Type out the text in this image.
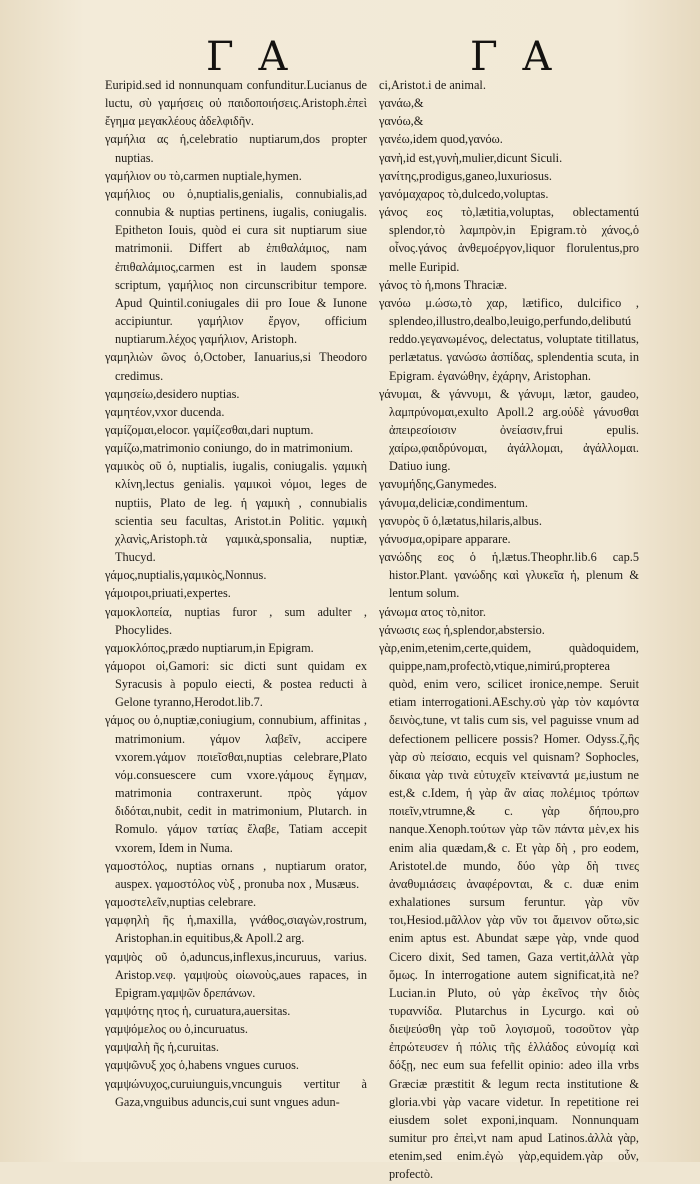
Γ Α	Γ Α

Euripid.sed id nonnunquam confunditur.Lucianus de luctu, σὺ γαμήσεις οὐ παιδοποιήσεις.Aristoph.ἐπεὶ ἔγημα μεγακλέους ἀδελφιδῆν.

γαμήλια ας ἡ,celebratio nuptiarum,dos propter nuptias.

γαμήλιον ου τὸ,carmen nuptiale,hymen.

γαμήλιος ου ὁ,nuptialis,genialis, connubialis,ad connubia & nuptias pertinens, iugalis, coniugalis. Epitheton Iouis, quòd ei cura sit nuptiarum siue matrimonii. Differt ab ἐπιθαλάμιος, nam ἐπιθαλάμιος,carmen est in laudem sponsæ scriptum, γαμήλιος non circunscribitur tempore. Apud Quintil.coniugales dii pro Ioue & Iunone accipiuntur. γαμήλιον ἔργον, officium nuptiarum.λέχος γαμήλιον, Aristoph.

γαμηλιὼν ῶνος ὁ,October, Ianuarius,si Theodoro credimus.

γαμησείω,desidero nuptias.

γαμητέον,vxor ducenda.

γαμίζομαι,elocor. γαμίζεσθαι,dari nuptum.

γαμίζω,matrimonio coniungo, do in matrimonium.

γαμικὸς οῦ ὁ, nuptialis, iugalis, coniugalis. γαμικὴ κλίνη,lectus genialis. γαμικοὶ νόμοι, leges de nuptiis, Plato de leg. ἡ γαμικὴ , connubialis scientia seu facultas, Aristot.in Politic. γαμικὴ χλανὶς,Aristoph.τὰ γαμικὰ,sponsalia, nuptiæ, Thucyd.

γάμος,nuptialis,γαμικὸς,Nonnus.

γάμοιροι,priuati,expertes.

γαμοκλοπεία, nuptias furor , sum adulter , Phocylides.

γαμοκλόπος,prædo nuptiarum,in Epigram.

γάμοροι οἱ,Gamori: sic dicti sunt quidam ex Syracusis à populo eiecti, & postea reducti à Gelone tyranno,Herodot.lib.7.

γάμος ου ὁ,nuptiæ,coniugium, connubium, affinitas , matrimonium. γάμον λαβεῖν, accipere vxorem.γάμον ποιεῖσθαι,nuptias celebrare,Plato νόμ.consuescere cum vxore.γάμους ἔγημαν, matrimonia contraxerunt. πρὸς γάμον διδόται,nubit, cedit in matrimonium, Plutarch. in Romulo. γάμον τατίας ἔλαβε, Tatiam accepit vxorem, Idem in Numa.

γαμοστόλος, nuptias ornans , nuptiarum orator, auspex. γαμοστόλος νὺξ , pronuba nox , Musæus.

γαμοστελεῖν,nuptias celebrare.

γαμφηλὴ ῆς ἡ,maxilla, γνάθος,σιαγὼν,rostrum, Aristophan.in equitibus,& Apoll.2 arg.

γαμψὸς οῦ ὁ,aduncus,inflexus,incuruus, varius. Aristop.νεφ. γαμψοὺς οἰωνοὺς,aues rapaces, in Epigram.γαμψῶν δρεπάνων.

γαμψότης ητος ἡ, curuatura,auersitas.

γαμψόμελος ου ὁ,incuruatus.

γαμψαλὴ ῆς ἡ,curuitas.

γαμψῶνυξ χος ὁ,habens vngues curuos.

γαμψώνυχος,curuiunguis,vncunguis vertitur à Gaza,vnguibus aduncis,cui sunt vngues adun-

ci,Aristot.i de animal.

γανάω,&

γανόω,&

γανέω,idem quod,γανόω.

γανὴ,id est,γυνὴ,mulier,dicunt Siculi.

γανίτης,prodigus,ganeo,luxuriosus.

γανόμαχαρος τὸ,dulcedo,voluptas.

γάνος εος τὸ,lætitia,voluptas, oblectamentú splendor,τὸ λαμπρὸν,in Epigram.τὸ χάνος,ὁ οἶνος.γάνος ἀνθεμοέργον,liquor florulentus,pro melle Euripid.

γάνος τὸ ἡ,mons Thraciæ.

γανόω μ.ώσω,τὸ χαρ, lætifico, dulcifico , splendeo,illustro,dealbo,leuigo,perfundo,delibutú reddo.γεγανωμένος, delectatus, voluptate titillatus, perlætatus. γανώσω ἀσπίδας, splendentia scuta, in Epigram. ἐγανώθην, ἐχάρην, Aristophan.

γάνυμαι, & γάννυμι, & γάνυμι, lætor, gaudeo, λαμπρύνομαι,exulto Apoll.2 arg.οὐδὲ γάνυσθαι ἀπειρεσίοισιν ὀνείασιν,frui epulis. χαίρω,φαιδρύνομαι, ἀγάλλομαι, ἀγάλλομαι. Datiuo iung.

γανυμήδης,Ganymedes.

γάνυμα,deliciæ,condimentum.

γανυρὸς ῦ ὁ,lætatus,hilaris,albus.

γάνυσμα,opipare apparare.

γανώδης εος ὁ ἡ,lætus.Theophr.lib.6 cap.5 histor.Plant. γανώδης καὶ γλυκεῖα ἡ, plenum & lentum solum.

γάνωμα ατος τὸ,nitor.

γάνωσις εως ἡ,splendor,abstersio.

γὰρ,enim,etenim,certe,quidem, quàdoquidem, quippe,nam,profectò,vtique,nimirú,propterea quòd, enim vero, scilicet ironice,nempe. Seruit etiam interrogationi.AEschy.σὺ γὰρ τὸν καμόντα δεινὸς,tune, vt talis cum sis, vel paguisse vnum ad defectionem pellicere possis? Homer. Odyss.ζ,ἢς γὰρ σὺ πείσαιο, ecquis vel quisnam? Sophocles, δίκαια γὰρ τινὰ εὐτυχεῖν κτείναντά με,iustum ne est,& c.Idem, ἡ γὰρ ἂν αἱας πολέμιος τρόπων ποιεῖν,vtrumne,& c. γὰρ δήπου,pro nanque.Xenoph.τούτων γὰρ τῶν πάντα μὲν,ex his enim alia quædam,& c. Et γὰρ δὴ , pro eodem, Aristotel.de mundo, δύο γὰρ δὴ τινες ἀναθυμιάσεις ἀναφέρονται, & c. duæ enim exhalationes sursum feruntur. γὰρ νῦν τοι,Hesiod.μᾶλλον γὰρ νῦν τοι ἄμεινον οὕτω,sic enim aptus est. Abundat sæpe γὰρ, vnde quod Cicero dixit, Sed tamen, Gaza vertit,ἀλλὰ γὰρ ὅμως. In interrogatione autem significat,ità ne?Lucian.in Pluto, οὐ γὰρ ἐκεῖνος τὴν διὸς τυραννίδα. Plutarchus in Lycurgo. καὶ οὐ διεψεύσθη γὰρ τοῦ λογισμοῦ, τοσοῦτον γὰρ ἐπρώτευσεν ἡ πόλις τῆς ἑλλάδος εὐνομίᾳ καὶ δόξῃ, nec eum sua fefellit opinio: adeo illa vrbs Græciæ præstitit & legum recta institutione & gloria.vbi γὰρ vacare videtur. In repetitione rei eiusdem solet exponi,inquam. Nonnunquam sumitur pro ἐπεὶ,vt nam apud Latinos.ἀλλὰ γὰρ, etenim,sed enim.ἐγὼ γὰρ,equidem.γὰρ οὖν, profectò.
